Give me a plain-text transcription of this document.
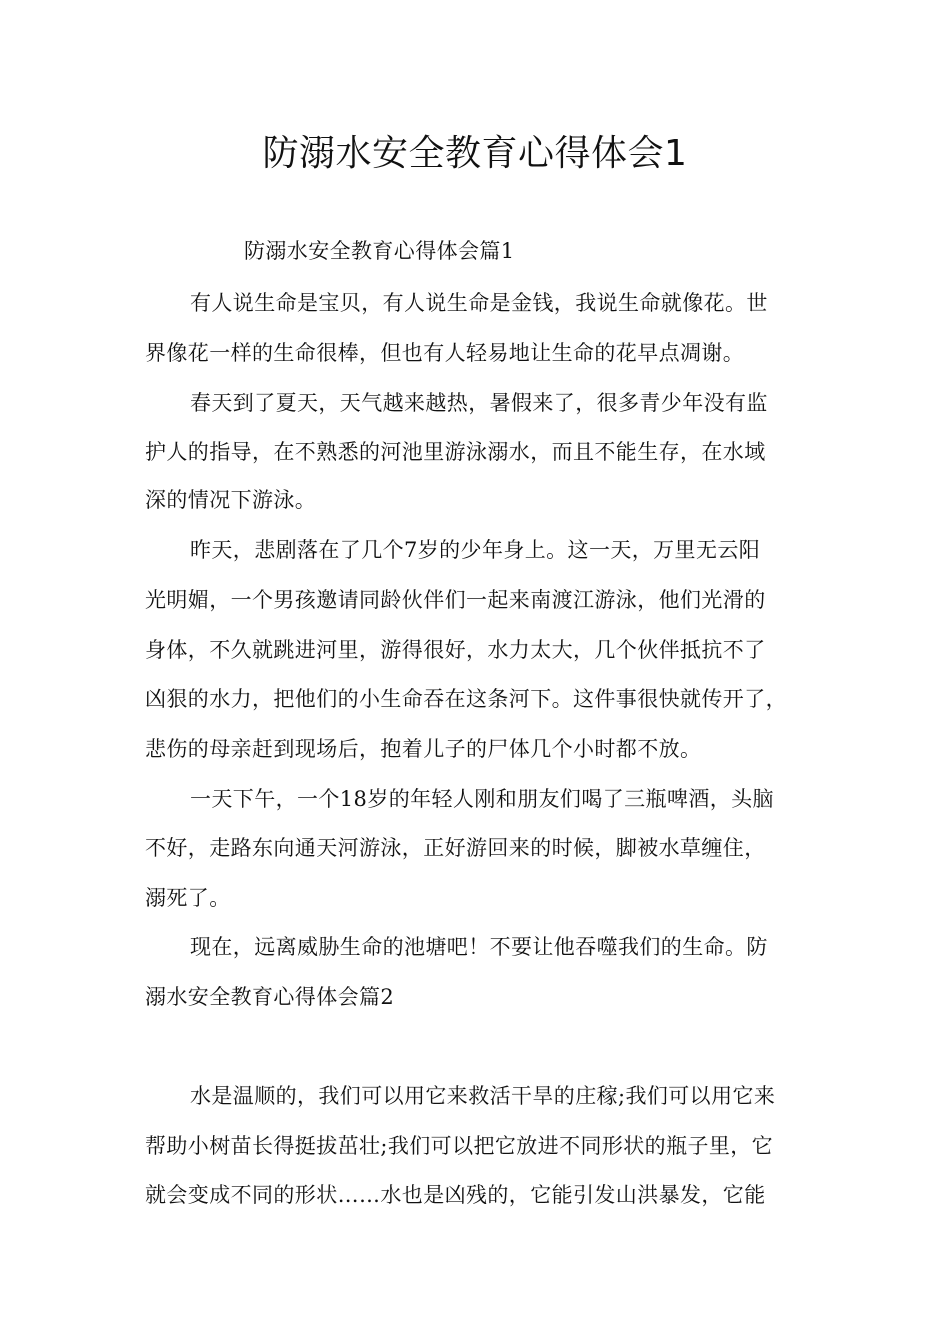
防溺水安全教育心得体会1
防溺水安全教育心得体会篇1
有人说生命是宝贝，有人说生命是金钱，我说生命就像花。世
界像花一样的生命很棒，但也有人轻易地让生命的花早点凋谢。
春天到了夏天，天气越来越热，暑假来了，很多青少年没有监
护人的指导，在不熟悉的河池里游泳溺水，而且不能生存，在水域
深的情况下游泳。
昨天，悲剧落在了几个7岁的少年身上。这一天，万里无云阳
光明媚，一个男孩邀请同龄伙伴们一起来南渡江游泳，他们光滑的
身体，不久就跳进河里，游得很好，水力太大，几个伙伴抵抗不了
凶狠的水力，把他们的小生命吞在这条河下。这件事很快就传开了，
悲伤的母亲赶到现场后，抱着儿子的尸体几个小时都不放。
一天下午，一个18岁的年轻人刚和朋友们喝了三瓶啤酒，头脑
不好，走路东向通天河游泳，正好游回来的时候，脚被水草缠住，
溺死了。
现在，远离威胁生命的池塘吧！不要让他吞噬我们的生命。防
溺水安全教育心得体会篇2
水是温顺的，我们可以用它来救活干旱的庄稼;我们可以用它来
帮助小树苗长得挺拔茁壮;我们可以把它放进不同形状的瓶子里，它
就会变成不同的形状……水也是凶残的，它能引发山洪暴发，它能
